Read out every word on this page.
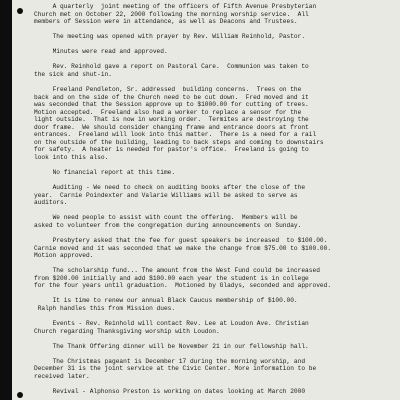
A quarterly  joint meeting of the officers of Fifth Avenue Presbyterian
Church met on October 22, 2000 following the morning worship service.  All
members of Session were in attendance, as well as Deacons and Trustees.

The meeting was opened with prayer by Rev. William Reinhold, Pastor.

Minutes were read and approved.

Rev. Reinhold gave a report on Pastoral Care.  Communion was taken to
the sick and shut-in.

Freeland Pendleton, Sr. addressed  building concerns.  Trees on the
back and on the side of the Church need to be cut down.  Fred moved and it
was seconded that the Session approve up to $1000.00 for cutting of trees.
Motion accepted.  Freeland also had a worker to replace a sensor for the
light outside.  That is now in working order.  Termites are destroying the
door frame.  We should consider changing frame and entrance doors at front
entrances.  Freeland will look into this matter.  There is a need for a rail
on the outside of the building, leading to back steps and coming to downstairs
for safety.  A heater is needed for pastor's office.  Freeland is going to
look into this also.

No financial report at this time.

Auditing - We need to check on auditing books after the close of the
year.  Carnie Poindexter and Valarie Williams will be asked to serve as
auditors.

We need people to assist with count the offering.  Members will be
asked to volunteer from the congregation during announcements on Sunday.

Presbytery asked that the fee for guest speakers be increased  to $100.00.
Carnie moved and it was seconded that we make the change from $75.00 to $100.00.
Motion approved.

The scholarship fund... The amount from the West Fund could be increased
from $200.00 initially and add $100.00 each year the student is in college
for the four years until graduation.  Motioned by Gladys, seconded and approved.

It is time to renew our annual Black Caucus membership of $100.00.
Ralph handles this from Mission dues.

Events - Rev. Reinhold will contact Rev. Lee at Loudon Ave. Christian
Church regarding Thanksgiving worship with Loudon.

The Thank Offering dinner will be November 21 in our fellowship hall.

The Christmas pageant is December 17 during the morning worship, and
December 31 is the joint service at the Civic Center. More information to be
received later.

Revival - Alphonso Preston is working on dates looking at March 2000
